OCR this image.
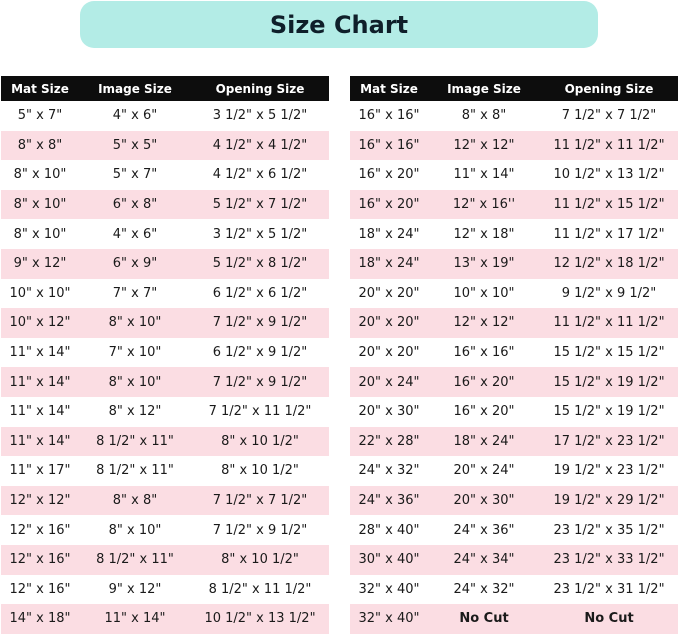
Size Chart
Mat Size	Image Size	Opening Size
5" x 7"	4" x 6"	3 1/2" x 5 1/2"
8" x 8"	5" x 5"	4 1/2" x 4 1/2"
8" x 10"	5" x 7"	4 1/2" x 6 1/2"
8" x 10"	6" x 8"	5 1/2" x 7 1/2"
8" x 10"	4" x 6"	3 1/2" x 5 1/2"
9" x 12"	6" x 9"	5 1/2" x 8 1/2"
10" x 10"	7" x 7"	6 1/2" x 6 1/2"
10" x 12"	8" x 10"	7 1/2" x 9 1/2"
11" x 14"	7" x 10"	6 1/2" x 9 1/2"
11" x 14"	8" x 10"	7 1/2" x 9 1/2"
11" x 14"	8" x 12"	7 1/2" x 11 1/2"
11" x 14"	8 1/2" x 11"	8" x 10 1/2"
11" x 17"	8 1/2" x 11"	8" x 10 1/2"
12" x 12"	8" x 8"	7 1/2" x 7 1/2"
12" x 16"	8" x 10"	7 1/2" x 9 1/2"
12" x 16"	8 1/2" x 11"	8" x 10 1/2"
12" x 16"	9" x 12"	8 1/2" x 11 1/2"
14" x 18"	11" x 14"	10 1/2" x 13 1/2"
Mat Size	Image Size	Opening Size
16" x 16"	8" x 8"	7 1/2" x 7 1/2"
16" x 16"	12" x 12"	11 1/2" x 11 1/2"
16" x 20"	11" x 14"	10 1/2" x 13 1/2"
16" x 20"	12" x 16''	11 1/2" x 15 1/2"
18" x 24"	12" x 18"	11 1/2" x 17 1/2"
18" x 24"	13" x 19"	12 1/2" x 18 1/2"
20" x 20"	10" x 10"	9 1/2" x 9 1/2"
20" x 20"	12" x 12"	11 1/2" x 11 1/2"
20" x 20"	16" x 16"	15 1/2" x 15 1/2"
20" x 24"	16" x 20"	15 1/2" x 19 1/2"
20" x 30"	16" x 20"	15 1/2" x 19 1/2"
22" x 28"	18" x 24"	17 1/2" x 23 1/2"
24" x 32"	20" x 24"	19 1/2" x 23 1/2"
24" x 36"	20" x 30"	19 1/2" x 29 1/2"
28" x 40"	24" x 36"	23 1/2" x 35 1/2"
30" x 40"	24" x 34"	23 1/2" x 33 1/2"
32" x 40"	24" x 32"	23 1/2" x 31 1/2"
32" x 40"	No Cut	No Cut
